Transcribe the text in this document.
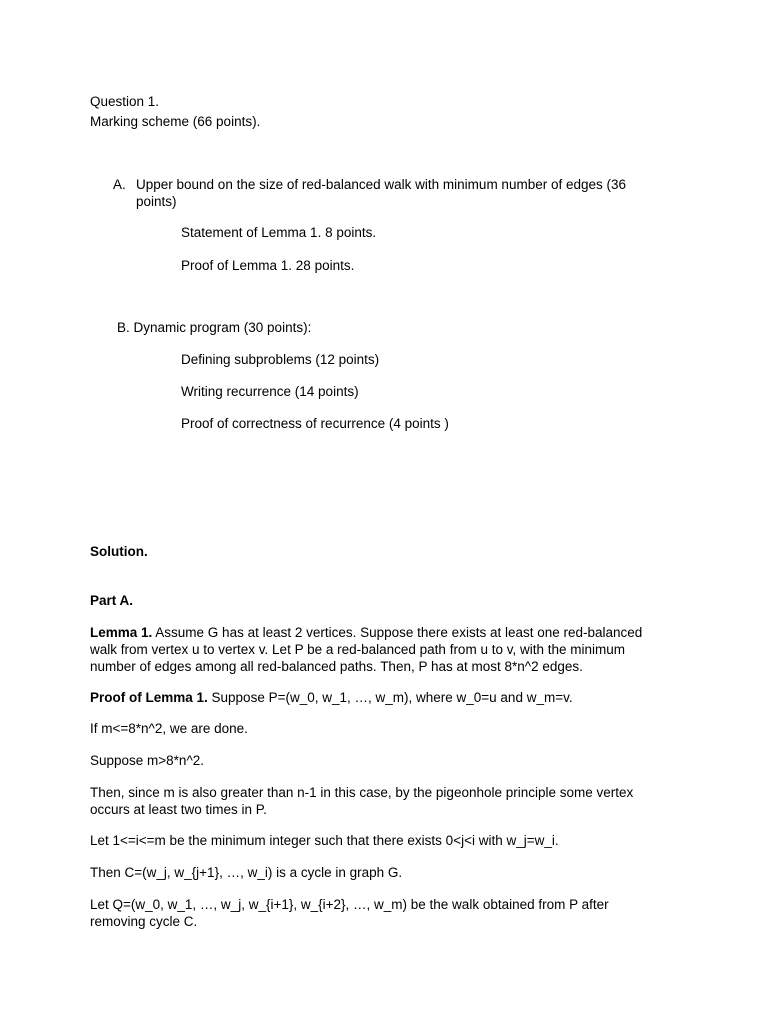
Question 1.

Marking scheme (66 points).

A. Upper bound on the size of red-balanced walk with minimum number of edges (36 points)

Statement of Lemma 1. 8 points.

Proof of Lemma 1. 28 points.

B. Dynamic program (30 points):

Defining subproblems (12 points)

Writing recurrence (14 points)

Proof of correctness of recurrence (4 points )

Solution.

Part A.

Lemma 1. Assume G has at least 2 vertices. Suppose there exists at least one red-balanced walk from vertex u to vertex v. Let P be a red-balanced path from u to v, with the minimum number of edges among all red-balanced paths. Then, P has at most 8*n^2 edges.

Proof of Lemma 1. Suppose P=(w_0, w_1, …, w_m), where w_0=u and w_m=v.

If m<=8*n^2, we are done.

Suppose m>8*n^2.

Then, since m is also greater than n-1 in this case, by the pigeonhole principle some vertex occurs at least two times in P.

Let 1<=i<=m be the minimum integer such that there exists 0<j<i with w_j=w_i.

Then C=(w_j, w_{j+1}, …, w_i) is a cycle in graph G.

Let Q=(w_0, w_1, …, w_j, w_{i+1}, w_{i+2}, …, w_m) be the walk obtained from P after removing cycle C.
